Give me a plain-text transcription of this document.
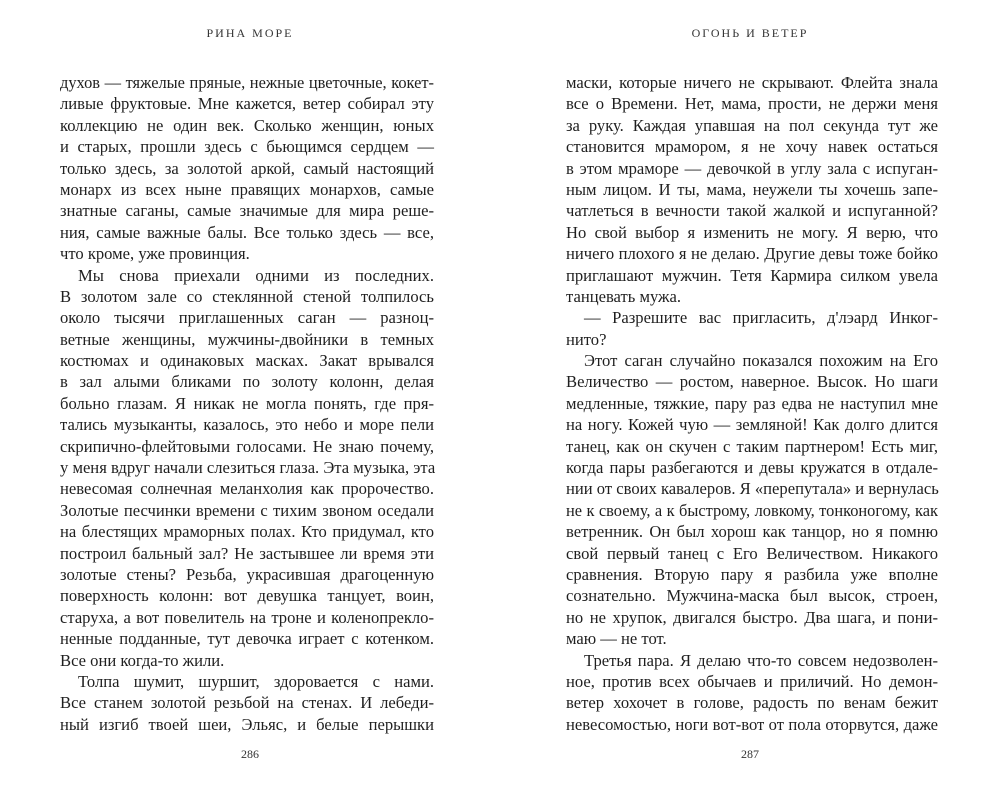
РИНА МОРЕ
духов — тяжелые пряные, нежные цветочные, кокет-
ливые фруктовые. Мне кажется, ветер собирал эту
коллекцию не один век. Сколько женщин, юных
и старых, прошли здесь с бьющимся сердцем —
только здесь, за золотой аркой, самый настоящий
монарх из всех ныне правящих монархов, самые
знатные саганы, самые значимые для мира реше-
ния, самые важные балы. Все только здесь — все,
что кроме, уже провинция.
Мы снова приехали одними из последних.
В золотом зале со стеклянной стеной толпилось
около тысячи приглашенных саган — разноц-
ветные женщины, мужчины-двойники в темных
костюмах и одинаковых масках. Закат врывался
в зал алыми бликами по золоту колонн, делая
больно глазам. Я никак не могла понять, где пря-
тались музыканты, казалось, это небо и море пели
скрипично-флейтовыми голосами. Не знаю почему,
у меня вдруг начали слезиться глаза. Эта музыка, эта
невесомая солнечная меланхолия как пророчество.
Золотые песчинки времени с тихим звоном оседали
на блестящих мраморных полах. Кто придумал, кто
построил бальный зал? Не застывшее ли время эти
золотые стены? Резьба, украсившая драгоценную
поверхность колонн: вот девушка танцует, воин,
старуха, а вот повелитель на троне и коленопрекло-
ненные подданные, тут девочка играет с котенком.
Все они когда-то жили.
Толпа шумит, шуршит, здоровается с нами.
Все станем золотой резьбой на стенах. И лебеди-
ный изгиб твоей шеи, Эльяс, и белые перышки
286
ОГОНЬ И ВЕТЕР
маски, которые ничего не скрывают. Флейта знала
все о Времени. Нет, мама, прости, не держи меня
за руку. Каждая упавшая на пол секунда тут же
становится мрамором, я не хочу навек остаться
в этом мраморе — девочкой в углу зала с испуган-
ным лицом. И ты, мама, неужели ты хочешь запе-
чатлеться в вечности такой жалкой и испуганной?
Но свой выбор я изменить не могу. Я верю, что
ничего плохого я не делаю. Другие девы тоже бойко
приглашают мужчин. Тетя Кармира силком увела
танцевать мужа.
— Разрешите вас пригласить, д'лэард Инког-
нито?
Этот саган случайно показался похожим на Его
Величество — ростом, наверное. Высок. Но шаги
медленные, тяжкие, пару раз едва не наступил мне
на ногу. Кожей чую — земляной! Как долго длится
танец, как он скучен с таким партнером! Есть миг,
когда пары разбегаются и девы кружатся в отдале-
нии от своих кавалеров. Я «перепутала» и вернулась
не к своему, а к быстрому, ловкому, тонконогому, как
ветренник. Он был хорош как танцор, но я помню
свой первый танец с Его Величеством. Никакого
сравнения. Вторую пару я разбила уже вполне
сознательно. Мужчина-маска был высок, строен,
но не хрупок, двигался быстро. Два шага, и пони-
маю — не тот.
Третья пара. Я делаю что-то совсем недозволен-
ное, против всех обычаев и приличий. Но демон-
ветер хохочет в голове, радость по венам бежит
невесомостью, ноги вот-вот от пола оторвутся, даже
287
